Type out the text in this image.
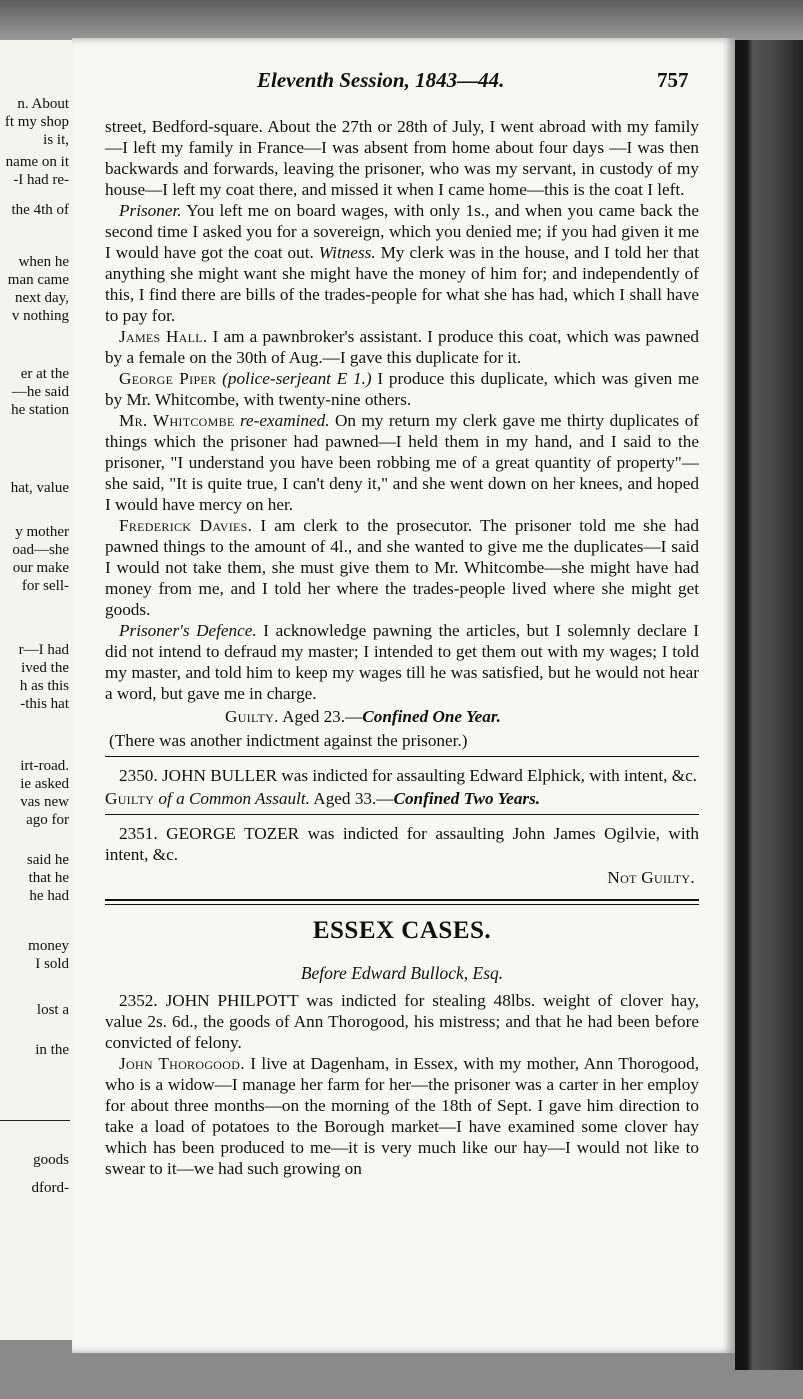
n. About
ft my shop
is it,
name on it
-I had re-
the 4th of
when he
man came
next day,
v nothing
er at the
—he said
he station
hat, value
y mother
oad—she
our make
for sell-
r—I had
ived the
h as this
-this hat
irt-road.
ie asked
vas new
ago for
said he
that he
he had
money
I sold
lost a
in the
goods
dford-
Eleventh Session, 1843—44.	757

street, Bedford-square. About the 27th or 28th of July, I went abroad with my family—I left my family in France—I was absent from home about four days —I was then backwards and forwards, leaving the prisoner, who was my servant, in custody of my house—I left my coat there, and missed it when I came home—this is the coat I left.

Prisoner. You left me on board wages, with only 1s., and when you came back the second time I asked you for a sovereign, which you denied me; if you had given it me I would have got the coat out. Witness. My clerk was in the house, and I told her that anything she might want she might have the money of him for; and independently of this, I find there are bills of the trades-people for what she has had, which I shall have to pay for.

James Hall. I am a pawnbroker's assistant. I produce this coat, which was pawned by a female on the 30th of Aug.—I gave this duplicate for it.

George Piper (police-serjeant E 1.) I produce this duplicate, which was given me by Mr. Whitcombe, with twenty-nine others.

Mr. Whitcombe re-examined. On my return my clerk gave me thirty duplicates of things which the prisoner had pawned—I held them in my hand, and I said to the prisoner, "I understand you have been robbing me of a great quantity of property"—she said, "It is quite true, I can't deny it," and she went down on her knees, and hoped I would have mercy on her.

Frederick Davies. I am clerk to the prosecutor. The prisoner told me she had pawned things to the amount of 4l., and she wanted to give me the duplicates—I said I would not take them, she must give them to Mr. Whitcombe—she might have had money from me, and I told her where the trades-people lived where she might get goods.

Prisoner's Defence. I acknowledge pawning the articles, but I solemnly declare I did not intend to defraud my master; I intended to get them out with my wages; I told my master, and told him to keep my wages till he was satisfied, but he would not hear a word, but gave me in charge.

Guilty. Aged 23.—Confined One Year.

(There was another indictment against the prisoner.)

2350. JOHN BULLER was indicted for assaulting Edward Elphick, with intent, &c.

Guilty of a Common Assault. Aged 33.—Confined Two Years.

2351. GEORGE TOZER was indicted for assaulting John James Ogilvie, with intent, &c.

Not Guilty.

ESSEX CASES.
Before Edward Bullock, Esq.

2352. JOHN PHILPOTT was indicted for stealing 48lbs. weight of clover hay, value 2s. 6d., the goods of Ann Thorogood, his mistress; and that he had been before convicted of felony.

John Thorogood. I live at Dagenham, in Essex, with my mother, Ann Thorogood, who is a widow—I manage her farm for her—the prisoner was a carter in her employ for about three months—on the morning of the 18th of Sept. I gave him direction to take a load of potatoes to the Borough market—I have examined some clover hay which has been produced to me—it is very much like our hay—I would not like to swear to it—we had such growing on
